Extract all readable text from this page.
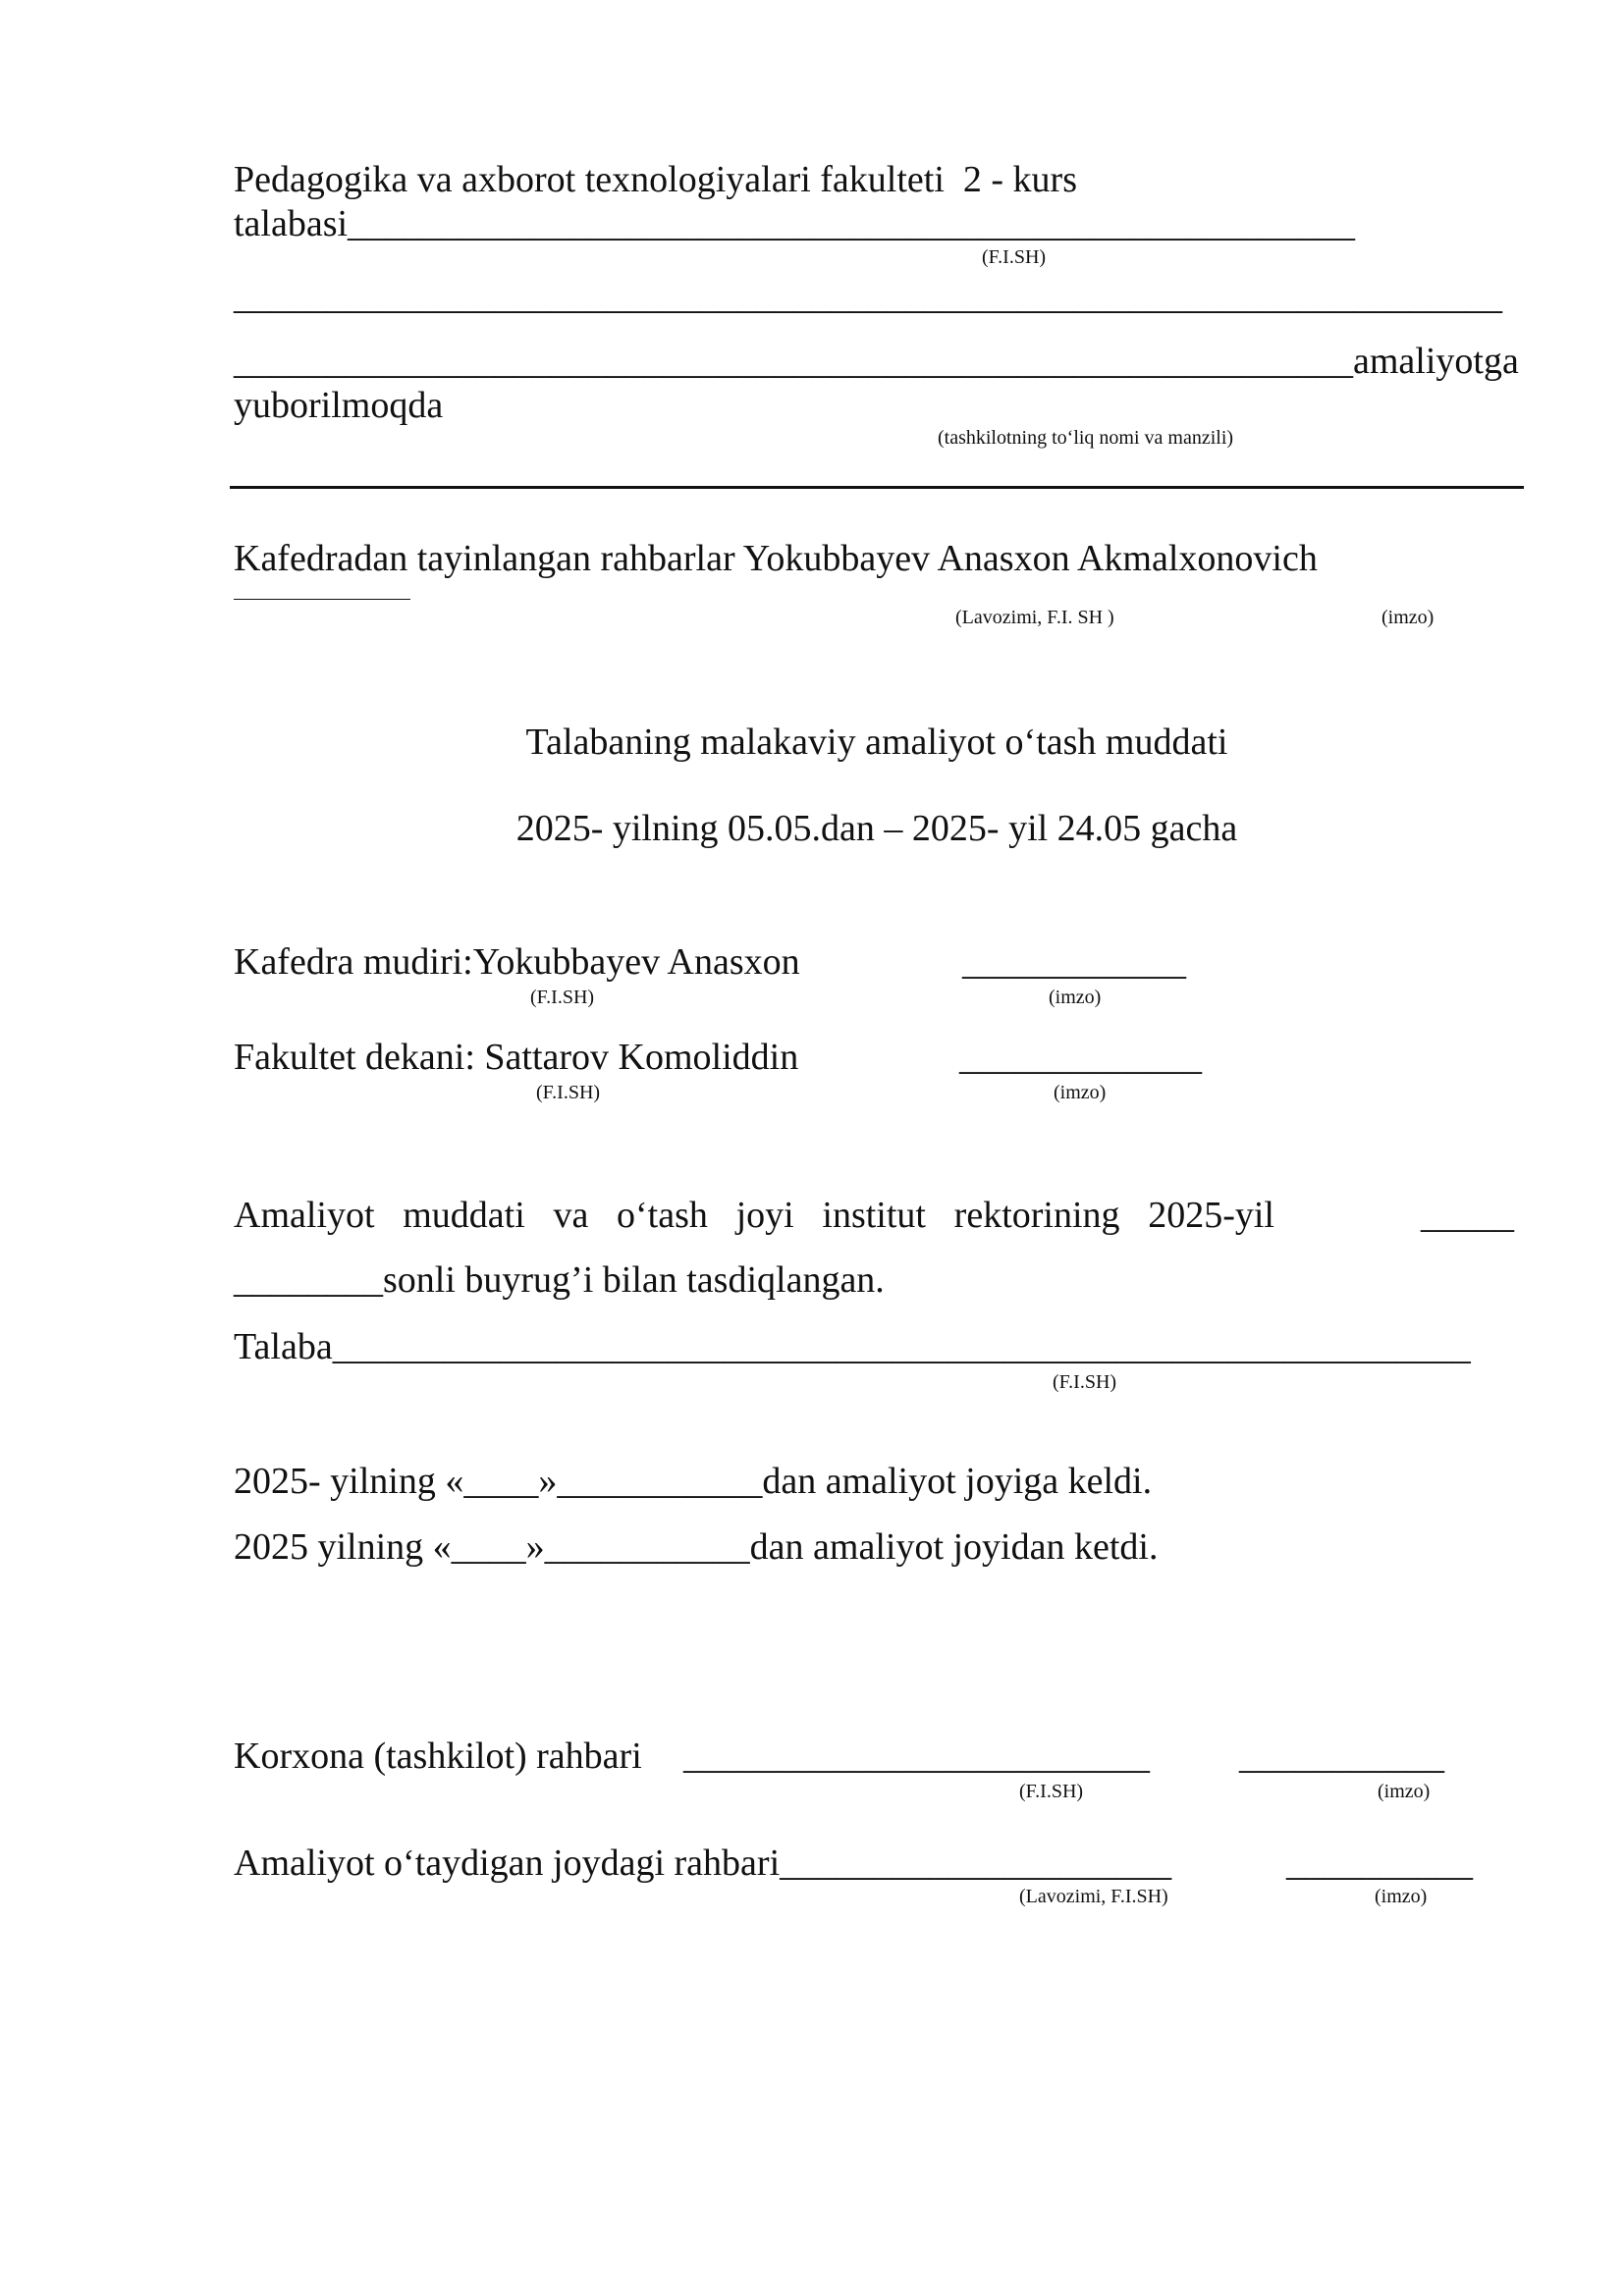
Pedagogika va axborot texnologiyalari fakulteti  2 - kurs
talabasi______________________________________________________
(F.I.SH)
____________________________________________________________________
____________________________________________________________amaliyotga
yuborilmoqda
(tashkilotning to‘liq nomi va manzili)
Kafedradan tayinlangan rahbarlar Yokubbayev Anasxon Akmalxonovich
(Lavozimi, F.I. SH )	(imzo)
Talabaning malakaviy amaliyot o‘tash muddati
2025- yilning 05.05.dan – 2025- yil 24.05 gacha
Kafedra mudiri:Yokubbayev Anasxon	____________
(F.I.SH)	(imzo)
Fakultet dekani: Sattarov Komoliddin	_____________
(F.I.SH)	(imzo)
Amaliyot muddati va o‘tash joyi institut rektorining 2025-yil	_____
________sonli buyrug’i bilan tasdiqlangan.
Talaba_____________________________________________________________
(F.I.SH)
2025- yilning «____»___________dan amaliyot joyiga keldi.
2025 yilning «____»___________dan amaliyot joyidan ketdi.
Korxona (tashkilot) rahbari _________________________ ___________
(F.I.SH)	(imzo)
Amaliyot o‘taydigan joydagi rahbari_____________________	__________
(Lavozimi, F.I.SH)	(imzo)
